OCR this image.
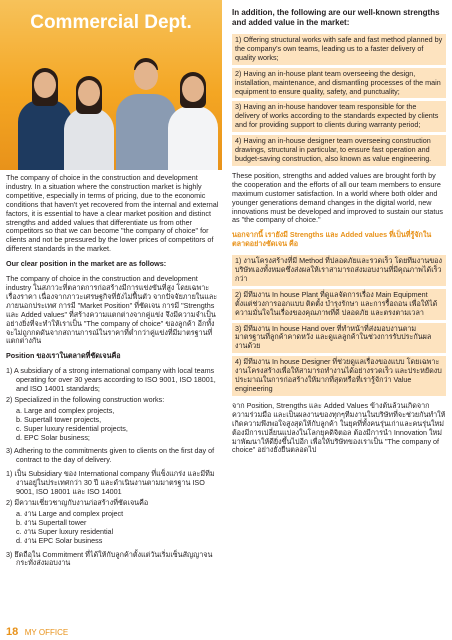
Commercial Dept.

The company of choice in the construction and development industry. In a situation where the construction market is highly competitive, especially in terms of pricing, due to the economic conditions that haven't yet recovered from the internal and external factors, it is essential to have a clear market position and distinct strengths and added values that differentiate us from other competitors so that we can become "the company of choice" for clients and not be pressured by the lower prices of competitors of different standards in the market.

Our clear position in the market are as follows:

The company of choice in the construction and development industry ในสภาวะที่ตลาดการก่อสร้างมีการแข่งขันที่สูง โดยเฉพาะเรื่องราคา เนื่องจากภาวะเศรษฐกิจที่ยังไม่ฟื้นตัว จากปัจจัยภายในและภายนอกประเทศ การมี "Market Position" ที่ชัดเจน การมี "Strengths และ Added values" ที่สร้างความแตกต่างจากคู่แข่ง จึงมีความจำเป็นอย่างยิ่งที่จะทำให้เราเป็น "The company of choice" ของลูกค้า อีกทั้งจะไม่ถูกกดดันจากสถานการณ์ในราคาที่ต่ำกว่าคู่แข่งที่มีมาตรฐานที่แตกต่างกัน

Position ของเราในตลาดที่ชัดเจนคือ

1) A subsidiary of a strong international company with local teams operating for over 30 years according to ISO 9001, ISO 18001, and ISO 14001 standards;
2) Specialized in the following construction works:
a. Large and complex projects,
b. Supertall tower projects,
c. Super luxury residential projects,
d. EPC Solar business;
3) Adhering to the commitments given to clients on the first day of contract to the day of delivery.
1) เป็น Subsidiary ของ International company ที่แข็งแกร่ง และมีทีมงานอยู่ในประเทศกว่า 30 ปี และดำเนินงานตามมาตรฐาน ISO 9001, ISO 18001 และ ISO 14001
2) มีความเชี่ยวชาญกับงานก่อสร้างที่ชัดเจนคือ
a. งาน Large and complex project
b. งาน Supertall tower
c. งาน Super luxury residential
d. งาน EPC Solar business
3) ยึดถือใน Commitment ที่ได้ให้กับลูกค้าตั้งแต่วันเริ่มเซ็นสัญญาจนกระทั่งส่งมอบงาน

In addition, the following are our well-known strengths and added value in the market:

1) Offering structural works with safe and fast method planned by the company's own teams, leading us to a faster delivery of quality works;
2) Having an in-house plant team overseeing the design, installation, maintenance, and dismantling processes of the main equipment to ensure quality, safety, and punctuality;
3) Having an in-house handover team responsible for the delivery of works according to the standards expected by clients and for providing support to clients during warranty period;
4) Having an in-house designer team overseeing construction drawings, structural in particular, to ensure fast operation and budget-saving construction, also known as value engineering.

These position, strengths and added values are brought forth by the cooperation and the efforts of all our team members to ensure maximum customer satisfaction. In a world where both older and younger generations demand changes in the digital world, new innovations must be developed and improved to sustain our status as "the company of choice."

นอกจากนี้ เรายังมี Strengths และ Added values ที่เป็นที่รู้จักในตลาดอย่างชัดเจน คือ

1) งานโครงสร้างที่มี Method ที่ปลอดภัยและรวดเร็ว โดยทีมงานของบริษัทเองทั้งหมดซึ่งส่งผลให้เราสามารถส่งมอบงานที่มีคุณภาพได้เร็วกว่า
2) มีทีมงาน In house Plant ที่ดูแลจัดการเรื่อง Main Equipment ตั้งแต่ช่วงการออกแบบ ติดตั้ง บำรุงรักษา และการรื้อถอน เพื่อให้ได้ความมั่นใจในเรื่องของคุณภาพที่ดี ปลอดภัย และตรงตามเวลา
3) มีทีมงาน In house Hand over ที่ทำหน้าที่ส่งมอบงานตามมาตรฐานที่ลูกค้าคาดหวัง และดูแลลูกค้าในช่วงการรับประกันผลงานด้วย
4) มีทีมงาน In house Designer ที่ช่วยดูแลเรื่องของแบบ โดยเฉพาะงานโครงสร้างเพื่อให้สามารถทำงานได้อย่างรวดเร็ว และประหยัดงบประมาณในการก่อสร้างให้มากที่สุดหรือที่เรารู้จักว่า Value engineering

จาก Position, Strengths และ Added Values ข้างต้นล้วนเกิดจากความร่วมมือ และเป็นผลงานของทุกๆทีมงานในบริษัทที่จะช่วยกันทำให้เกิดความพึงพอใจสูงสุดให้กับลูกค้า ในยุคที่ทั้งคนรุ่นเก่าและคนรุ่นใหม่ต้องมีการเปลี่ยนแปลงในโลกยุคดิจิตอล ต้องมีการนำ Innovation ใหม่มาพัฒนาให้ดียิ่งขึ้นไปอีก เพื่อให้บริษัทของเราเป็น "The company of choice" อย่างยั่งยืนตลอดไป

18 MY OFFICE
